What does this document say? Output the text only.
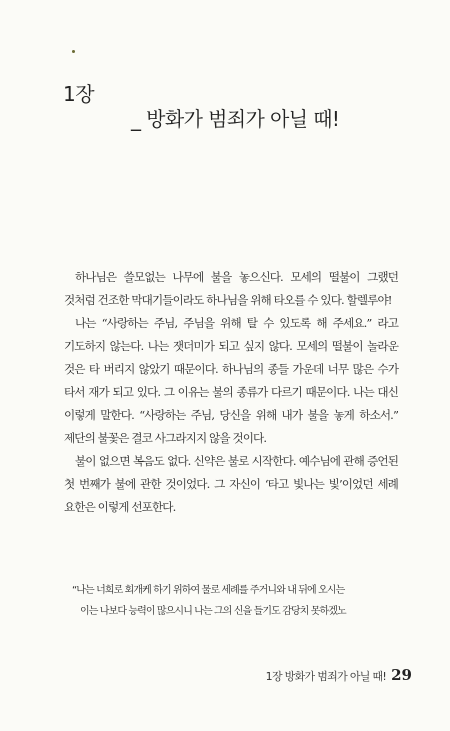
1장
_ 방화가 범죄가 아닐 때!

하나님은 쓸모없는 나무에 불을 놓으신다. 모세의 떨불이 그랬던 것처럼 건조한 막대기들이라도 하나님을 위해 타오를 수 있다. 할렐루야!

나는 “사랑하는 주님, 주님을 위해 탈 수 있도록 해 주세요.” 라고 기도하지 않는다. 나는 잿더미가 되고 싶지 않다. 모세의 떨불이 놀라운 것은 타 버리지 않았기 때문이다. 하나님의 종들 가운데 너무 많은 수가 타서 재가 되고 있다. 그 이유는 불의 종류가 다르기 때문이다. 나는 대신 이렇게 말한다. “사랑하는 주님, 당신을 위해 내가 불을 놓게 하소서.” 제단의 불꽃은 결코 사그라지지 않을 것이다.

불이 없으면 복음도 없다. 신약은 불로 시작한다. 예수님에 관해 증언된 첫 번째가 불에 관한 것이었다. 그 자신이 ‘타고 빛나는 빛’이었던 세례 요한은 이렇게 선포한다.

“나는 너희로 회개케 하기 위하여 물로 세례를 주거니와 내 뒤에 오시는

이는 나보다 능력이 많으시니 나는 그의 신을 들기도 감당치 못하겠노

1장 방화가 범죄가 아닐 때! 29
